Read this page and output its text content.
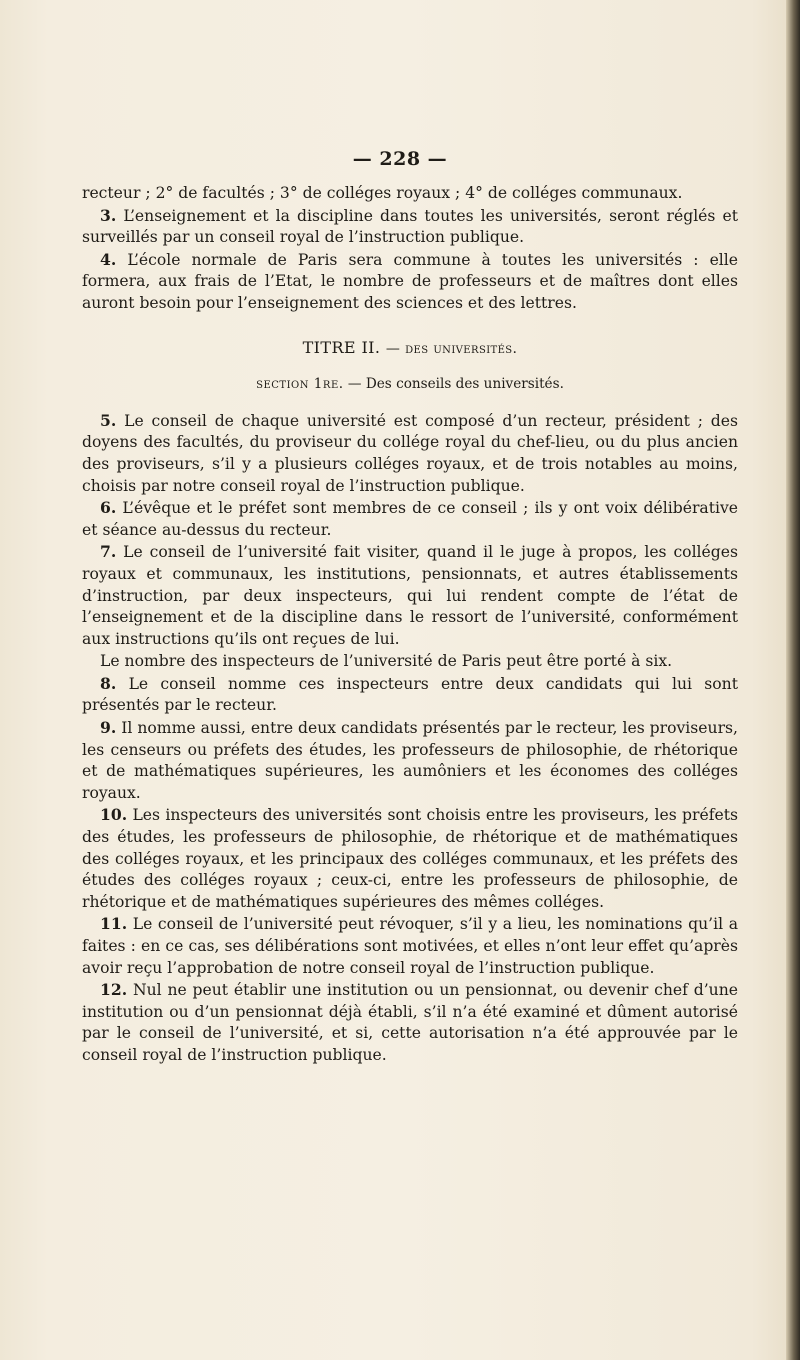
— 228 —

recteur ; 2° de facultés ; 3° de colléges royaux ; 4° de colléges communaux.

3. L’enseignement et la discipline dans toutes les universités, seront réglés et surveillés par un conseil royal de l’instruction publique.

4. L’école normale de Paris sera commune à toutes les universités : elle formera, aux frais de l’Etat, le nombre de professeurs et de maîtres dont elles auront besoin pour l’enseignement des sciences et des lettres.

TITRE II. — des universités.
section 1re. — Des conseils des universités.

5. Le conseil de chaque université est composé d’un recteur, président ; des doyens des facultés, du proviseur du collége royal du chef-lieu, ou du plus ancien des proviseurs, s’il y a plusieurs colléges royaux, et de trois notables au moins, choisis par notre conseil royal de l’instruction publique.

6. L’évêque et le préfet sont membres de ce conseil ; ils y ont voix délibérative et séance au-dessus du recteur.

7. Le conseil de l’université fait visiter, quand il le juge à propos, les colléges royaux et communaux, les institutions, pensionnats, et autres établissements d’instruction, par deux inspecteurs, qui lui rendent compte de l’état de l’enseignement et de la discipline dans le ressort de l’université, conformément aux instructions qu’ils ont reçues de lui.

Le nombre des inspecteurs de l’université de Paris peut être porté à six.

8. Le conseil nomme ces inspecteurs entre deux candidats qui lui sont présentés par le recteur.

9. Il nomme aussi, entre deux candidats présentés par le recteur, les proviseurs, les censeurs ou préfets des études, les professeurs de philosophie, de rhétorique et de mathématiques supérieures, les aumôniers et les économes des colléges royaux.

10. Les inspecteurs des universités sont choisis entre les proviseurs, les préfets des études, les professeurs de philosophie, de rhétorique et de mathématiques des colléges royaux, et les principaux des colléges communaux, et les préfets des études des colléges royaux ; ceux-ci, entre les professeurs de philosophie, de rhétorique et de mathématiques supérieures des mêmes colléges.

11. Le conseil de l’université peut révoquer, s’il y a lieu, les nominations qu’il a faites : en ce cas, ses délibérations sont motivées, et elles n’ont leur effet qu’après avoir reçu l’approbation de notre conseil royal de l’instruction publique.

12. Nul ne peut établir une institution ou un pensionnat, ou devenir chef d’une institution ou d’un pensionnat déjà établi, s’il n’a été examiné et dûment autorisé par le conseil de l’université, et si, cette autorisation n’a été approuvée par le conseil royal de l’instruction publique.
